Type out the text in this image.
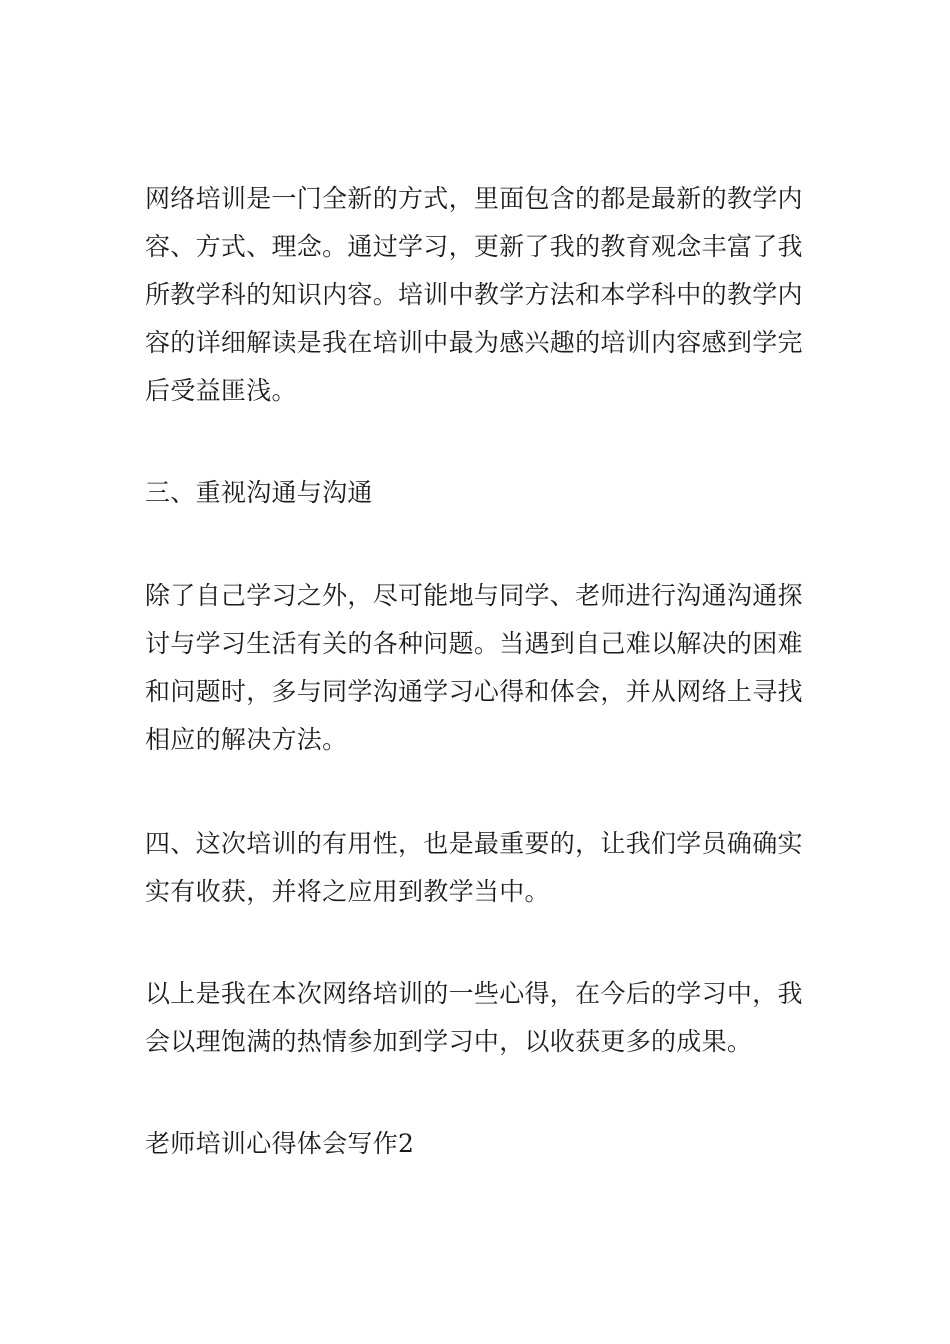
网络培训是一门全新的方式，里面包含的都是最新的教学内容、方式、理念。通过学习，更新了我的教育观念丰富了我所教学科的知识内容。培训中教学方法和本学科中的教学内容的详细解读是我在培训中最为感兴趣的培训内容感到学完后受益匪浅。

三、重视沟通与沟通

除了自己学习之外，尽可能地与同学、老师进行沟通沟通探讨与学习生活有关的各种问题。当遇到自己难以解决的困难和问题时，多与同学沟通学习心得和体会，并从网络上寻找相应的解决方法。

四、这次培训的有用性，也是最重要的，让我们学员确确实实有收获，并将之应用到教学当中。

以上是我在本次网络培训的一些心得，在今后的学习中，我会以理饱满的热情参加到学习中，以收获更多的成果。

老师培训心得体会写作2
